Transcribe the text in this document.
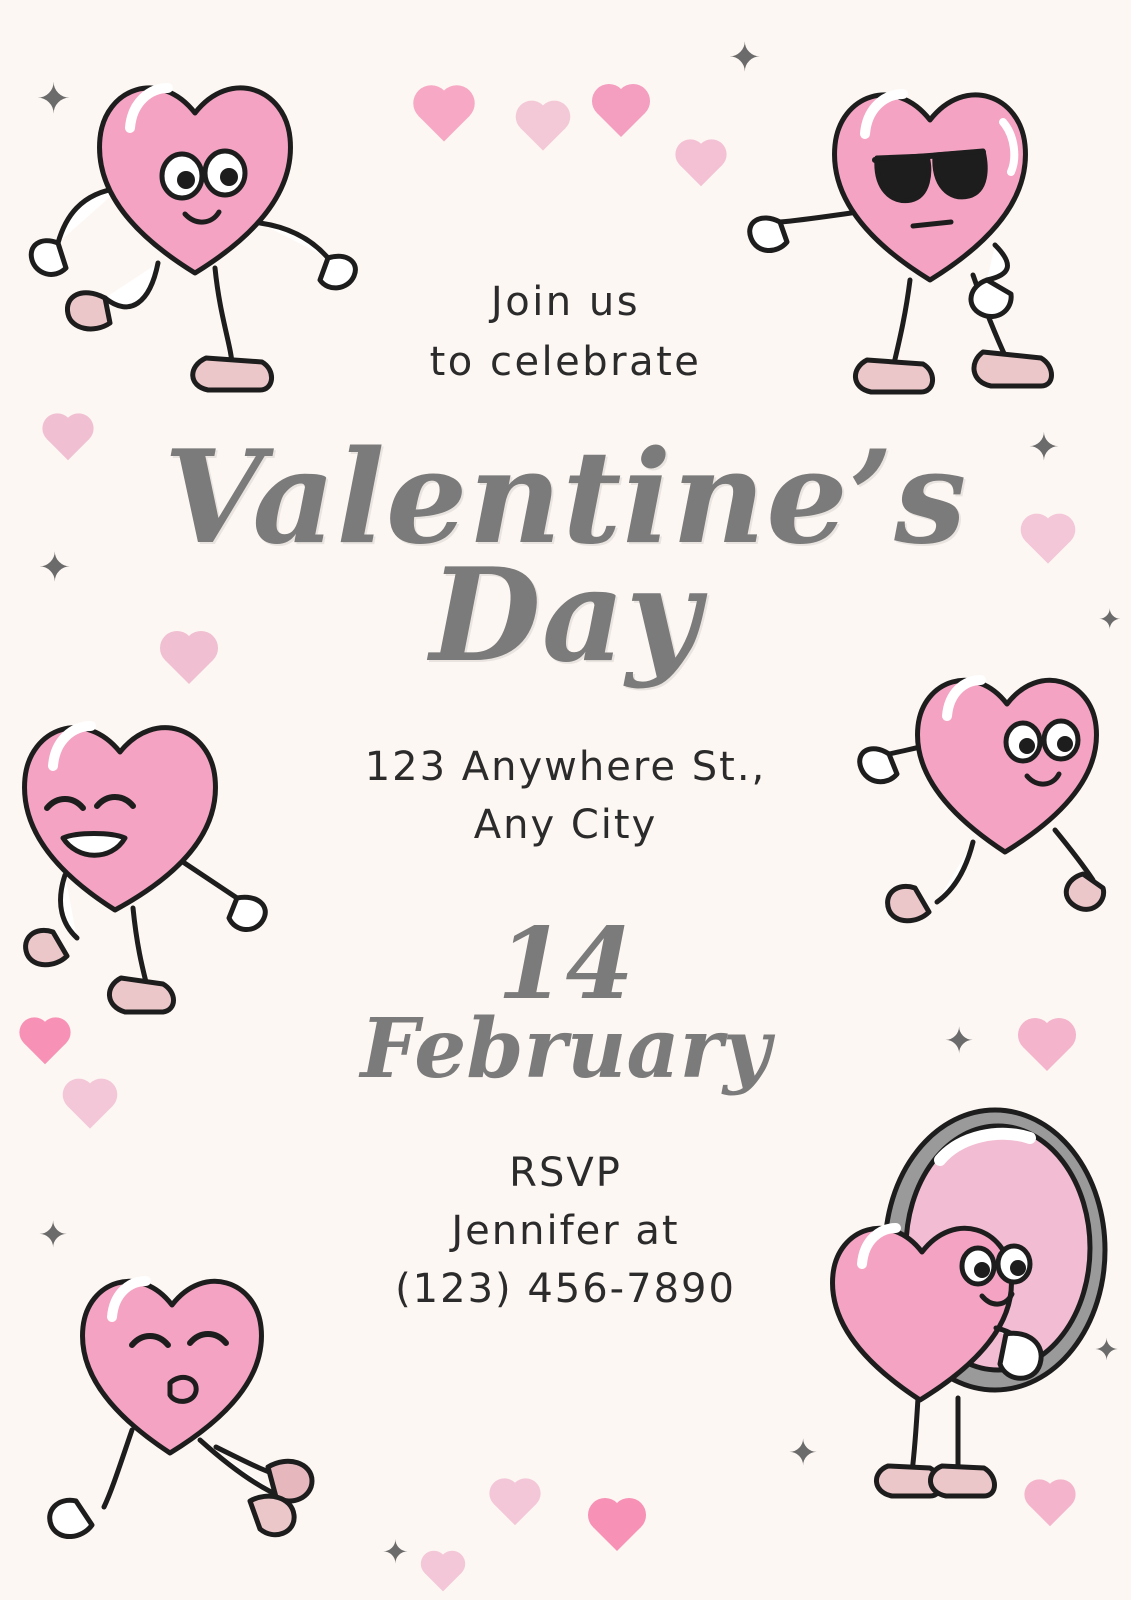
✦
✦
✦
✦
✦
✦
✦
✦
✦
✦
Join us
to celebrate
Valentine’s
Day
123 Anywhere St.,
Any City
14
February
RSVP
Jennifer at
(123) 456-7890
